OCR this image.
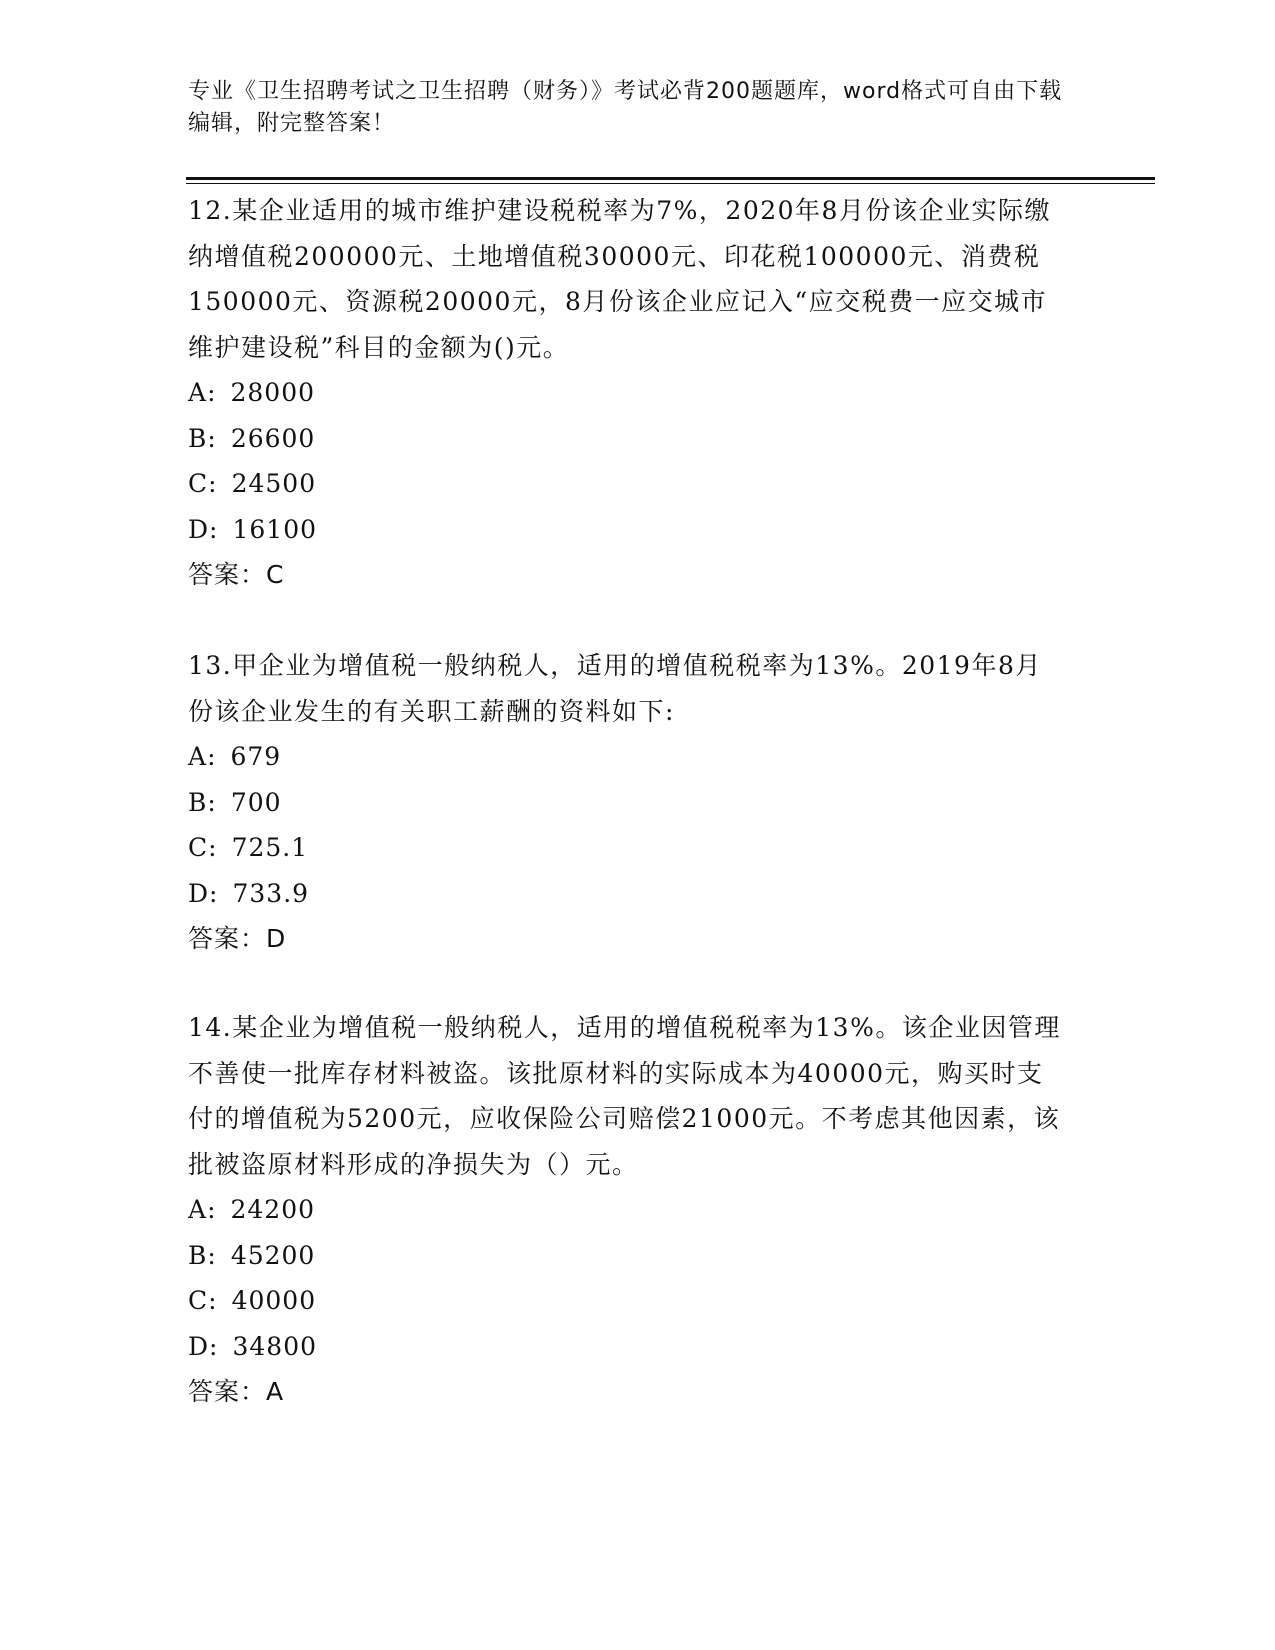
专业《卫生招聘考试之卫生招聘（财务）》考试必背200题题库，word格式可自由下载编辑，附完整答案！

12.某企业适用的城市维护建设税税率为7%，2020年8月份该企业实际缴纳增值税200000元、土地增值税30000元、印花税100000元、消费税150000元、资源税20000元，8月份该企业应记入“应交税费一应交城市维护建设税”科目的金额为()元。

A: 28000

B: 26600

C: 24500

D: 16100

答案：C

13.甲企业为增值税一般纳税人，适用的增值税税率为13%。2019年8月份该企业发生的有关职工薪酬的资料如下:

A: 679

B: 700

C: 725.1

D: 733.9

答案：D

14.某企业为增值税一般纳税人，适用的增值税税率为13%。该企业因管理不善使一批库存材料被盗。该批原材料的实际成本为40000元，购买时支付的增值税为5200元，应收保险公司赔偿21000元。不考虑其他因素，该批被盗原材料形成的净损失为（）元。

A: 24200

B: 45200

C: 40000

D: 34800

答案：A
